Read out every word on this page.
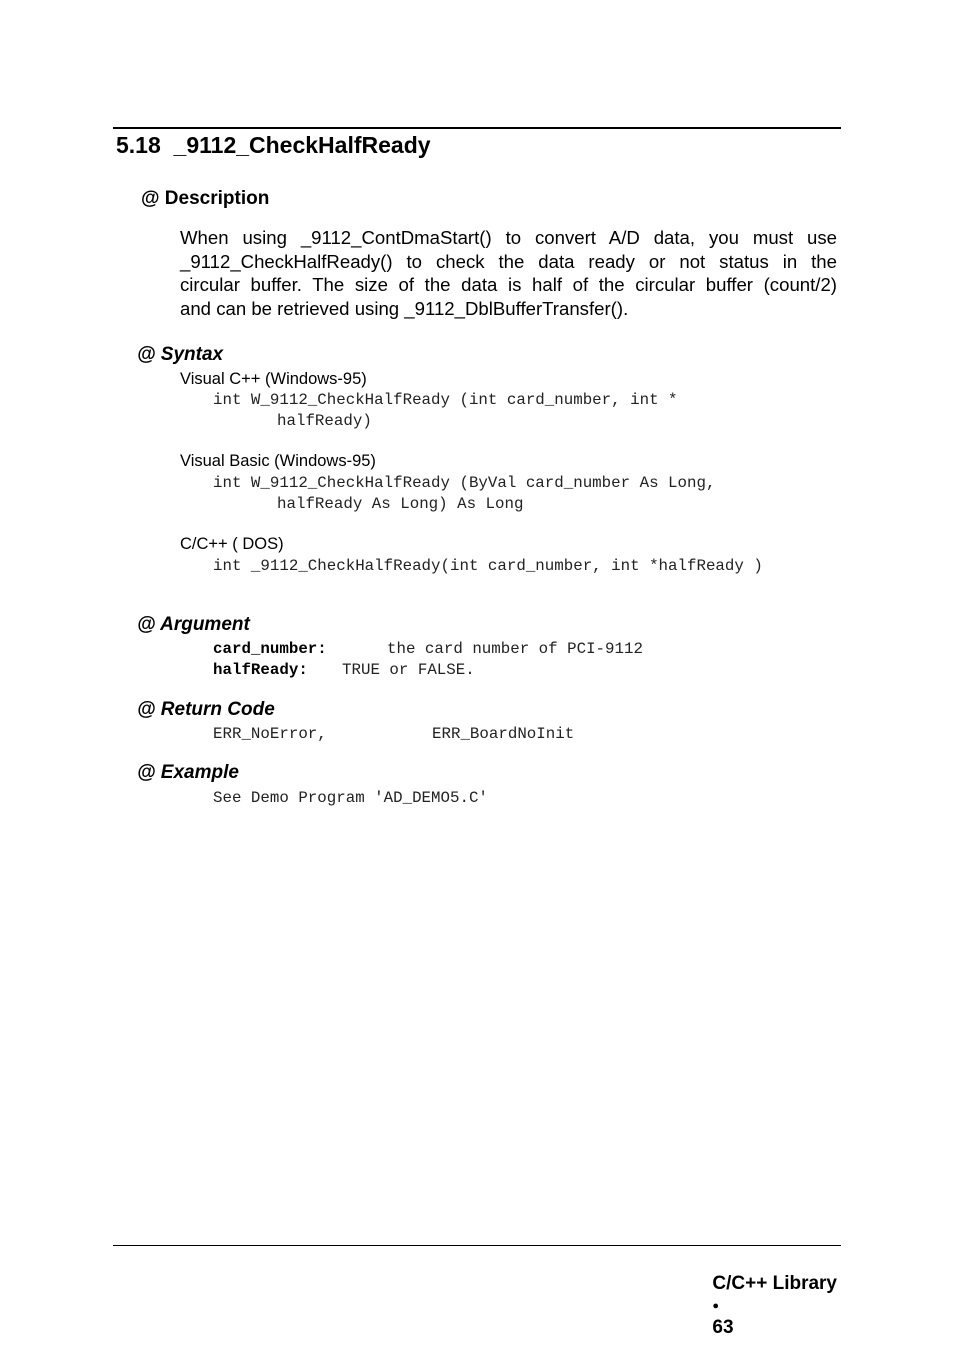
5.18  _9112_CheckHalfReady
@ Description
When using _9112_ContDmaStart() to convert A/D data, you must use
_9112_CheckHalfReady() to check the data ready or not status in the
circular buffer. The size of the data is half of the circular buffer (count/2)
and can be retrieved using _9112_DblBufferTransfer().
@ Syntax
Visual C++ (Windows-95)
int W_9112_CheckHalfReady (int card_number, int *
halfReady)
Visual Basic (Windows-95)
int W_9112_CheckHalfReady (ByVal card_number As Long,
halfReady As Long) As Long
C/C++ ( DOS)
int _9112_CheckHalfReady(int card_number, int *halfReady )
@ Argument
card_number:	the card number of PCI-9112
halfReady: TRUE or FALSE.
@ Return Code
ERR_NoError,	ERR_BoardNoInit
@ Example
See Demo Program 'AD_DEMO5.C'

C/C++ Library
●
63
